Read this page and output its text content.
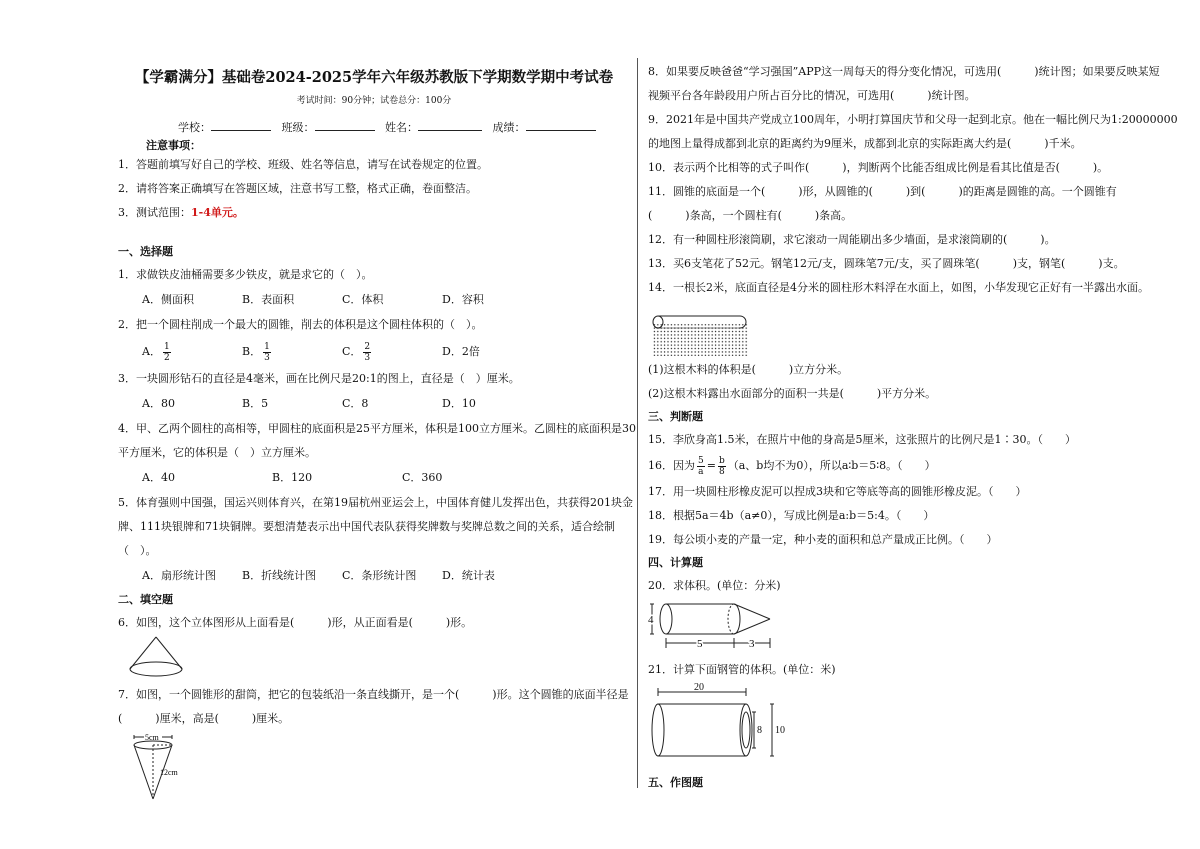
【学霸满分】基础卷2024-2025学年六年级苏教版下学期数学期中考试卷
考试时间：90分钟；试卷总分：100分
学校：	班级：	姓名：	成绩：
注意事项：
1．答题前填写好自己的学校、班级、姓名等信息，请写在试卷规定的位置。
2．请将答案正确填写在答题区域，注意书写工整，格式正确，卷面整洁。
3．测试范围：1-4单元。
一、选择题
1．求做铁皮油桶需要多少铁皮，就是求它的（　）。
A．侧面积	B．表面积	C．体积	D．容积
2．把一个圆柱削成一个最大的圆锥，削去的体积是这个圆柱体积的（　）。
A． $\frac{1}{2}$	B． $\frac{1}{3}$	C． $\frac{2}{3}$	D．2倍
3．一块圆形钻石的直径是4毫米，画在比例尺是20:1的图上，直径是（　）厘米。
A．80	B．5	C．8	D．10
4．甲、乙两个圆柱的高相等，甲圆柱的底面积是25平方厘米，体积是100立方厘米。乙圆柱的底面积是30
平方厘米，它的体积是（　）立方厘米。
A．40	B．120	C．360
5．体育强则中国强，国运兴则体育兴，在第19届杭州亚运会上，中国体育健儿发挥出色，共获得201块金
牌、111块银牌和71块铜牌。要想清楚表示出中国代表队获得奖牌数与奖牌总数之间的关系，适合绘制
（　）。
A．扇形统计图 B．折线统计图 C．条形统计图 D．统计表
二、填空题
6．如图，这个立体图形从上面看是(　　　)形，从正面看是(　　　)形。
7．如图，一个圆锥形的甜筒，把它的包装纸沿一条直线撕开，是一个(　　　)形。这个圆锥的底面半径是
(　　　)厘米，高是(　　　)厘米。
5cm
12cm
8．如果要反映爸爸“学习强国”APP这一周每天的得分变化情况，可选用(　　　)统计图；如果要反映某短
视频平台各年龄段用户所占百分比的情况，可选用(　　　)统计图。
9．2021年是中国共产党成立100周年，小明打算国庆节和父母一起到北京。他在一幅比例尺为1:20000000
的地图上量得成都到北京的距离约为9厘米，成都到北京的实际距离大约是(　　　)千米。
10．表示两个比相等的式子叫作(　　　)，判断两个比能否组成比例是看其比值是否(　　　)。
11．圆锥的底面是一个(　　　)形，从圆锥的(　　　)到(　　　)的距离是圆锥的高。一个圆锥有
(　　　)条高，一个圆柱有(　　　)条高。
12．有一种圆柱形滚筒刷，求它滚动一周能刷出多少墙面，是求滚筒刷的(　　　)。
13．买6支笔花了52元。钢笔12元/支，圆珠笔7元/支，买了圆珠笔(　　　)支，钢笔(　　　)支。
14．一根长2米，底面直径是4分米的圆柱形木料浮在水面上，如图，小华发现它正好有一半露出水面。
(1)这根木料的体积是(　　　)立方分米。
(2)这根木料露出水面部分的面积一共是(　　　)平方分米。
三、判断题
15．李欣身高1.5米，在照片中他的身高是5厘米，这张照片的比例尺是1∶30。（　　）
16．因为 $\frac{5}{a} = \frac{b}{8} (a$、b均不为0），所以a∶b＝5∶8。（　　）
17．用一块圆柱形橡皮泥可以捏成3块和它等底等高的圆锥形橡皮泥。（　　）
18．根据5a＝4b（a≠0），写成比例是a:b＝5:4。（　　）
19．每公顷小麦的产量一定，种小麦的面积和总产量成正比例。（　　）
四、计算题
20．求体积。(单位：分米)
4
5	3
21．计算下面钢管的体积。(单位：米)
20
8 10
五、作图题
